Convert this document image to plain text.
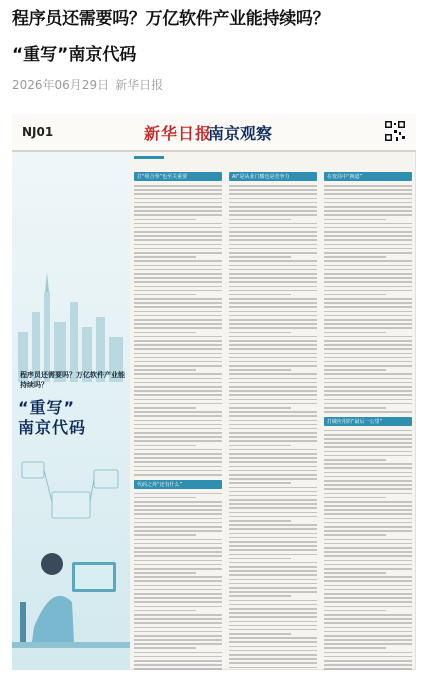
程序员还需要吗？万亿软件产业能持续吗？
“重写”南京代码
2026年06月29日 新华日报
NJ01	新华日报
南京观察
程序员还需要吗？万亿软件产业能持续吗？
“重写”
南京代码
打“组合拳”也至关重要
代码之外“还有什么”
AI”是从业门槛也是竞争力	在变局中“换道”
打破应用的“最后一公里”
